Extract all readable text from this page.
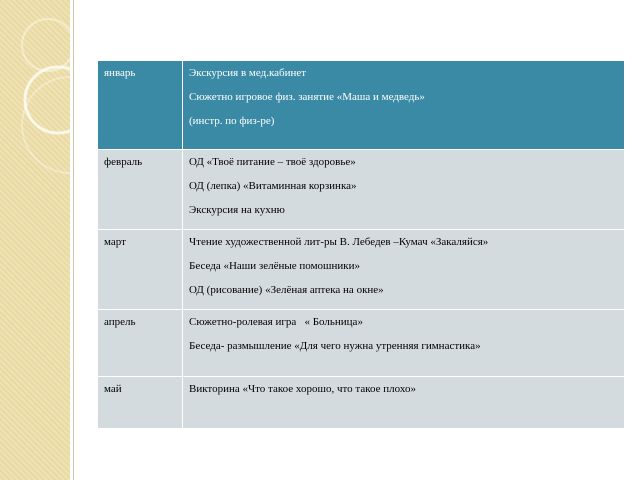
январь	Экскурсия в мед.кабинет
Сюжетно игровое физ. занятие «Маша и медведь»
(инстр. по физ-ре)

февраль	ОД «Твоё питание – твоё здоровье»
ОД (лепка) «Витаминная корзинка»
Экскурсия на кухню

март	Чтение художественной лит-ры В. Лебедев –Кумач «Закаляйся»
Беседа «Наши зелёные помошники»
ОД (рисование) «Зелёная аптека на окне»

апрель	Сюжетно-ролевая игра   « Больница»
Беседа- размышление «Для чего нужна утренняя гимнастика»

май	Викторина «Что такое хорошо, что такое плохо»
